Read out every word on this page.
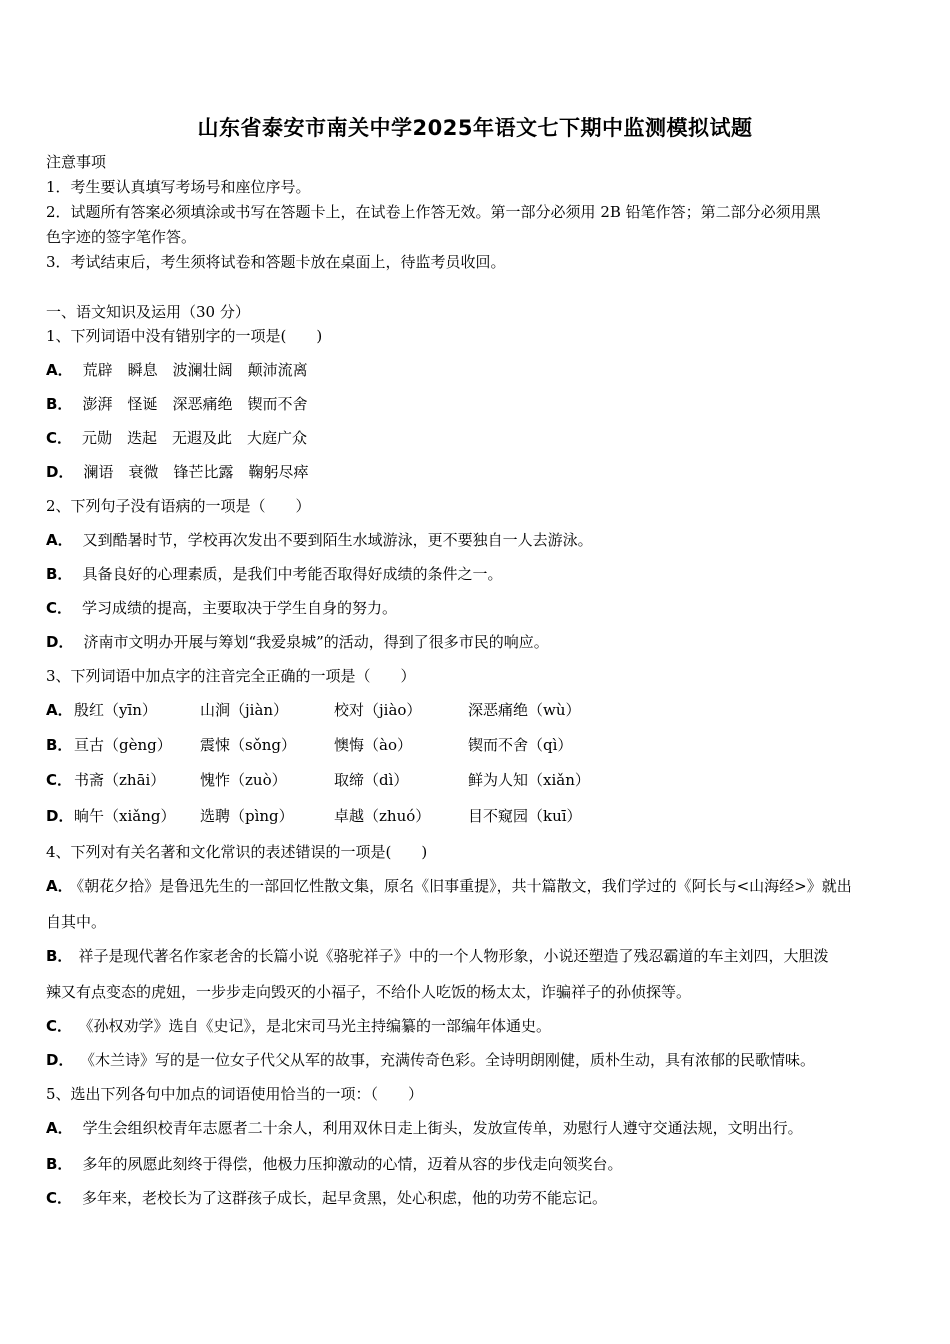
山东省泰安市南关中学2025年语文七下期中监测模拟试题
注意事项
1．考生要认真填写考场号和座位序号。
2．试题所有答案必须填涂或书写在答题卡上，在试卷上作答无效。第一部分必须用 2B 铅笔作答；第二部分必须用黑
色字迹的签字笔作答。
3．考试结束后，考生须将试卷和答题卡放在桌面上，待监考员收回。
一、语文知识及运用（30 分）
1、下列词语中没有错别字的一项是(　　)
A． 荒辟　瞬息　波澜壮阔　颠沛流离
B． 澎湃　怪诞　深恶痛绝　锲而不舍
C． 元勋　迭起　无遐及此　大庭广众
D． 澜语　衰微　锋芒比露　鞠躬尽瘁
2、下列句子没有语病的一项是（　　）
A． 又到酷暑时节，学校再次发出不要到陌生水域游泳，更不要独自一人去游泳。
B． 具备良好的心理素质，是我们中考能否取得好成绩的条件之一。
C． 学习成绩的提高，主要取决于学生自身的努力。
D． 济南市文明办开展与筹划“我爱泉城”的活动，得到了很多市民的响应。
3、下列词语中加点字的注音完全正确的一项是（　　）
A． 殷红（yīn）	山涧（jiàn）	校对（jiào）	深恶痛绝（wù）
B． 亘古（gèng） 震悚（sǒng）	懊悔（ào）	锲而不舍（qì）
C． 书斋（zhāi） 愧怍（zuò）	取缔（dì）	鲜为人知（xiǎn）
D． 晌午（xiǎng） 选聘（pìng）	卓越（zhuó）	目不窥园（kuī）
4、下列对有关名著和文化常识的表述错误的一项是(　　)
A． 《朝花夕拾》是鲁迅先生的一部回忆性散文集，原名《旧事重提》，共十篇散文，我们学过的《阿长与<山海经>》就出
自其中。
B． 祥子是现代著名作家老舍的长篇小说《骆驼祥子》中的一个人物形象，小说还塑造了残忍霸道的车主刘四，大胆泼
辣又有点变态的虎妞，一步步走向毁灭的小福子，不给仆人吃饭的杨太太，诈骗祥子的孙侦探等。
C． 《孙权劝学》选自《史记》，是北宋司马光主持编纂的一部编年体通史。
D． 《木兰诗》写的是一位女子代父从军的故事，充满传奇色彩。全诗明朗刚健，质朴生动，具有浓郁的民歌情味。
5、选出下列各句中加点的词语使用恰当的一项：（　　）
A． 学生会组织校青年志愿者二十余人，利用双休日走上街头，发放宣传单，劝慰行人遵守交通法规，文明出行。
B． 多年的夙愿此刻终于得偿，他极力压抑激动的心情，迈着从容的步伐走向领奖台。
C． 多年来，老校长为了这群孩子成长，起早贪黑，处心积虑，他的功劳不能忘记。
